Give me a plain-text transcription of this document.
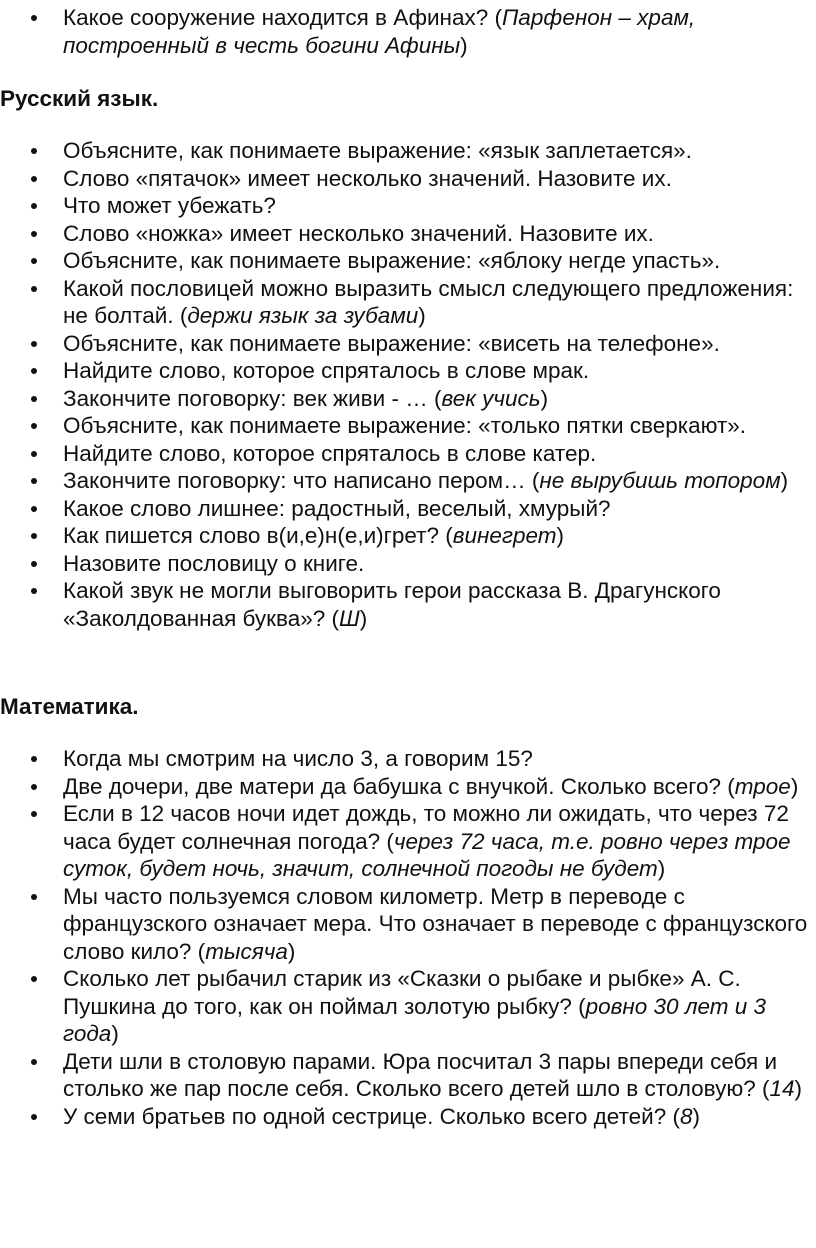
Какое сооружение находится в Афинах? (Парфенон – храм, построенный в честь богини Афины)
Русский язык.
Объясните, как понимаете выражение: «язык заплетается».
Слово «пятачок» имеет несколько значений. Назовите их.
Что может убежать?
Слово «ножка» имеет несколько значений. Назовите их.
Объясните, как понимаете выражение: «яблоку негде упасть».
Какой пословицей можно выразить смысл следующего предложения: не болтай. (держи язык за зубами)
Объясните, как понимаете выражение: «висеть на телефоне».
Найдите слово, которое спряталось в слове мрак.
Закончите поговорку: век живи - … (век учись)
Объясните, как понимаете выражение: «только пятки сверкают».
Найдите слово, которое спряталось в слове катер.
Закончите поговорку: что написано пером… (не вырубишь топором)
Какое слово лишнее: радостный, веселый, хмурый?
Как пишется слово в(и,е)н(е,и)грет? (винегрет)
Назовите пословицу о книге.
Какой звук не могли выговорить герои рассказа В. Драгунского «Заколдованная буква»? (Ш)
Математика.
Когда мы смотрим на число 3, а говорим 15?
Две дочери, две матери да бабушка с внучкой. Сколько всего? (трое)
Если в 12 часов ночи идет дождь, то можно ли ожидать, что через 72 часа будет солнечная погода? (через 72 часа, т.е. ровно через трое суток, будет ночь, значит, солнечной погоды не будет)
Мы часто пользуемся словом километр. Метр в переводе с французского означает мера. Что означает в переводе с французского слово кило? (тысяча)
Сколько лет рыбачил старик из «Сказки о рыбаке и рыбке» А. С. Пушкина до того, как он поймал золотую рыбку? (ровно 30 лет и 3 года)
Дети шли в столовую парами. Юра посчитал 3 пары впереди себя и столько же пар после себя. Сколько всего детей шло в столовую? (14)
У семи братьев по одной сестрице. Сколько всего детей? (8)
